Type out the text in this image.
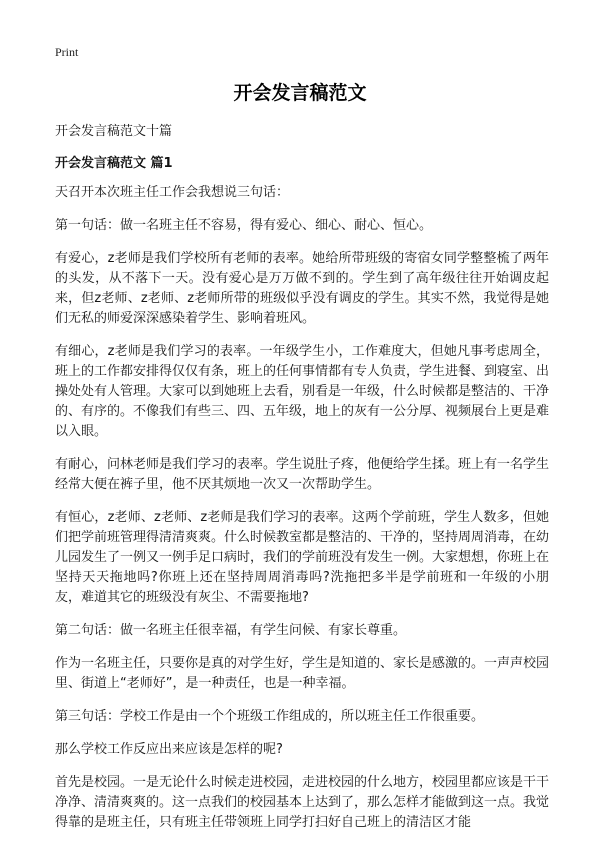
Print
开会发言稿范文
开会发言稿范文十篇
开会发言稿范文 篇1

天召开本次班主任工作会我想说三句话：

第一句话：做一名班主任不容易，得有爱心、细心、耐心、恒心。

有爱心，z老师是我们学校所有老师的表率。她给所带班级的寄宿女同学整整梳了两年的头发，从不落下一天。没有爱心是万万做不到的。学生到了高年级往往开始调皮起来，但z老师、z老师、z老师所带的班级似乎没有调皮的学生。其实不然，我觉得是她们无私的师爱深深感染着学生、影响着班风。

有细心，z老师是我们学习的表率。一年级学生小，工作难度大，但她凡事考虑周全，班上的工作都安排得仅仅有条，班上的任何事情都有专人负责，学生进餐、到寝室、出操处处有人管理。大家可以到她班上去看，别看是一年级，什么时候都是整洁的、干净的、有序的。不像我们有些三、四、五年级，地上的灰有一公分厚、视频展台上更是难以入眼。

有耐心，问林老师是我们学习的表率。学生说肚子疼，他便给学生揉。班上有一名学生经常大便在裤子里，他不厌其烦地一次又一次帮助学生。

有恒心，z老师、z老师、z老师是我们学习的表率。这两个学前班，学生人数多，但她们把学前班管理得清清爽爽。什么时候教室都是整洁的、干净的，坚持周周消毒，在幼儿园发生了一例又一例手足口病时，我们的学前班没有发生一例。大家想想，你班上在坚持天天拖地吗?你班上还在坚持周周消毒吗?洗拖把多半是学前班和一年级的小朋友，难道其它的班级没有灰尘、不需要拖地?

第二句话：做一名班主任很幸福，有学生问候、有家长尊重。

作为一名班主任，只要你是真的对学生好，学生是知道的、家长是感激的。一声声校园里、街道上“老师好”，是一种责任，也是一种幸福。

第三句话：学校工作是由一个个班级工作组成的，所以班主任工作很重要。

那么学校工作反应出来应该是怎样的呢?

首先是校园。一是无论什么时候走进校园，走进校园的什么地方，校园里都应该是干干净净、清清爽爽的。这一点我们的校园基本上达到了，那么怎样才能做到这一点。我觉得靠的是班主任，只有班主任带领班上同学打扫好自己班上的清洁区才能
